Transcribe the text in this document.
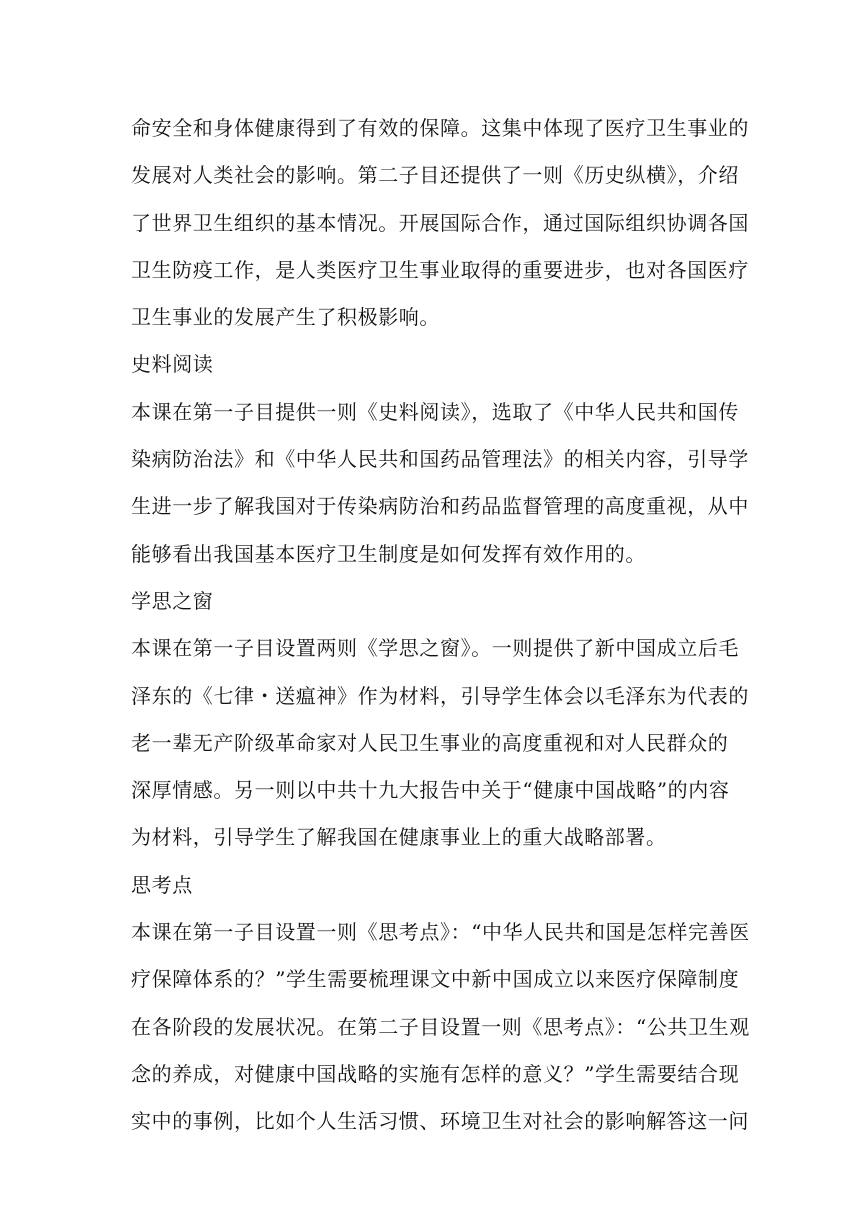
命安全和身体健康得到了有效的保障。这集中体现了医疗卫生事业的
发展对人类社会的影响。第二子目还提供了一则《历史纵横》，介绍
了世界卫生组织的基本情况。开展国际合作，通过国际组织协调各国
卫生防疫工作，是人类医疗卫生事业取得的重要进步，也对各国医疗
卫生事业的发展产生了积极影响。
史料阅读
本课在第一子目提供一则《史料阅读》，选取了《中华人民共和国传
染病防治法》和《中华人民共和国药品管理法》的相关内容，引导学
生进一步了解我国对于传染病防治和药品监督管理的高度重视，从中
能够看出我国基本医疗卫生制度是如何发挥有效作用的。
学思之窗
本课在第一子目设置两则《学思之窗》。一则提供了新中国成立后毛
泽东的《七律・送瘟神》作为材料，引导学生体会以毛泽东为代表的
老一辈无产阶级革命家对人民卫生事业的高度重视和对人民群众的
深厚情感。另一则以中共十九大报告中关于“健康中国战略”的内容
为材料，引导学生了解我国在健康事业上的重大战略部署。
思考点
本课在第一子目设置一则《思考点》：“中华人民共和国是怎样完善医
疗保障体系的？”学生需要梳理课文中新中国成立以来医疗保障制度
在各阶段的发展状况。在第二子目设置一则《思考点》：“公共卫生观
念的养成，对健康中国战略的实施有怎样的意义？”学生需要结合现
实中的事例，比如个人生活习惯、环境卫生对社会的影响解答这一问
